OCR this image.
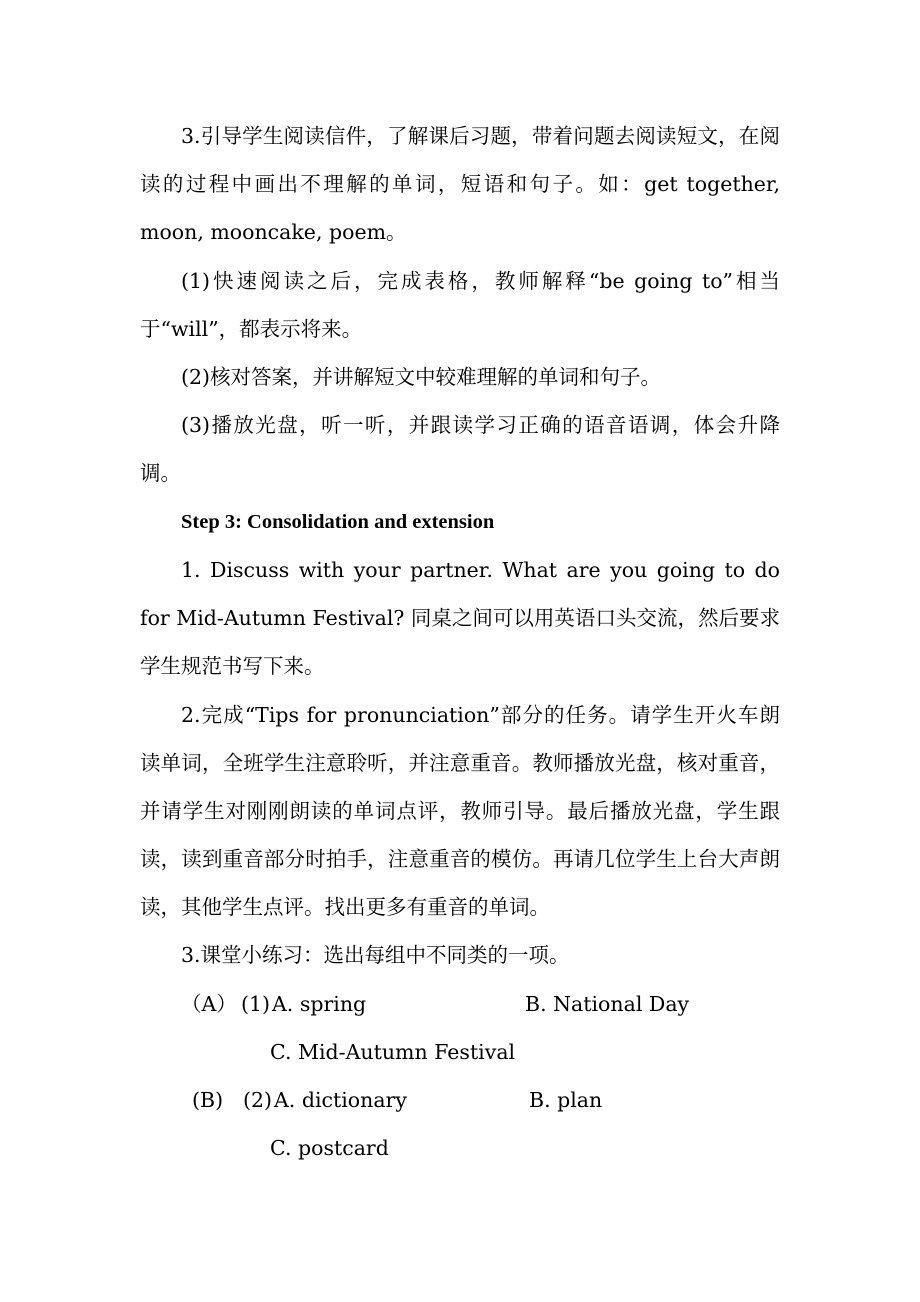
3.引导学生阅读信件，了解课后习题，带着问题去阅读短文，在阅读的过程中画出不理解的单词，短语和句子。如：get together, moon, mooncake, poem。

(1)快速阅读之后，完成表格，教师解释“be going to”相当于“will”，都表示将来。

(2)核对答案，并讲解短文中较难理解的单词和句子。

(3)播放光盘，听一听，并跟读学习正确的语音语调，体会升降调。

Step 3: Consolidation and extension

1. Discuss with your partner. What are you going to do for Mid-Autumn Festival? 同桌之间可以用英语口头交流，然后要求学生规范书写下来。

2.完成“Tips for pronunciation”部分的任务。请学生开火车朗读单词，全班学生注意聆听，并注意重音。教师播放光盘，核对重音，并请学生对刚刚朗读的单词点评，教师引导。最后播放光盘，学生跟读，读到重音部分时拍手，注意重音的模仿。再请几位学生上台大声朗读，其他学生点评。找出更多有重音的单词。

3.课堂小练习：选出每组中不同类的一项。

（A） (1) A. spring	B. National Day
C. Mid-Autumn Festival
(B) (2) A. dictionary	B. plan
C. postcard
